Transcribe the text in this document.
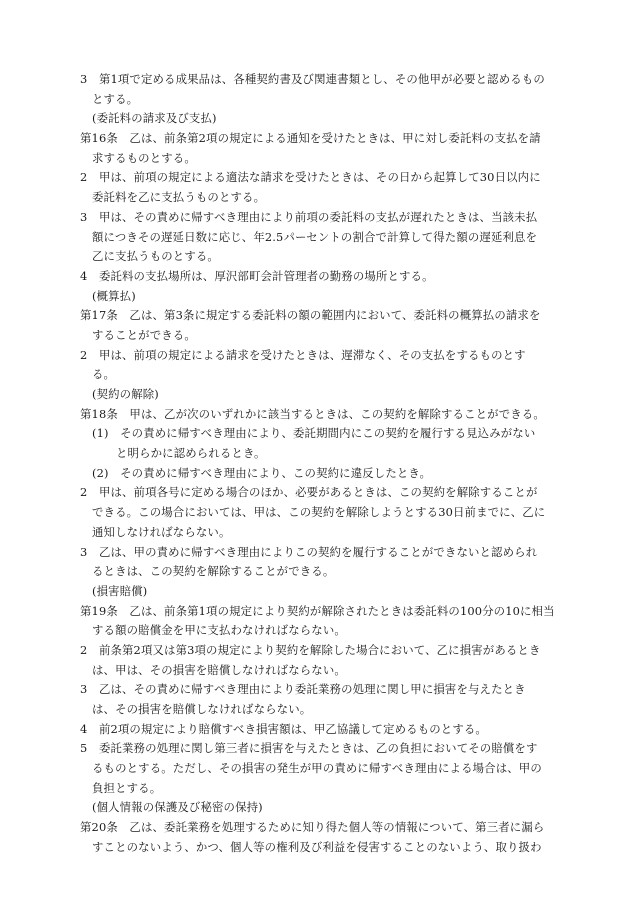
3　第1項で定める成果品は、各種契約書及び関連書類とし、その他甲が必要と認めるもの
とする。
(委託料の請求及び支払)
第16条　乙は、前条第2項の規定による通知を受けたときは、甲に対し委託料の支払を請
求するものとする。
2　甲は、前項の規定による適法な請求を受けたときは、その日から起算して30日以内に
委託料を乙に支払うものとする。
3　甲は、その責めに帰すべき理由により前項の委託料の支払が遅れたときは、当該未払
額につきその遅延日数に応じ、年2.5パーセントの割合で計算して得た額の遅延利息を
乙に支払うものとする。
4　委託料の支払場所は、厚沢部町会計管理者の勤務の場所とする。
(概算払)
第17条　乙は、第3条に規定する委託料の額の範囲内において、委託料の概算払の請求を
することができる。
2　甲は、前項の規定による請求を受けたときは、遅滞なく、その支払をするものとす
る。
(契約の解除)
第18条　甲は、乙が次のいずれかに該当するときは、この契約を解除することができる。
(1)　その責めに帰すべき理由により、委託期間内にこの契約を履行する見込みがない
と明らかに認められるとき。
(2)　その責めに帰すべき理由により、この契約に違反したとき。
2　甲は、前項各号に定める場合のほか、必要があるときは、この契約を解除することが
できる。この場合においては、甲は、この契約を解除しようとする30日前までに、乙に
通知しなければならない。
3　乙は、甲の責めに帰すべき理由によりこの契約を履行することができないと認められ
るときは、この契約を解除することができる。
(損害賠償)
第19条　乙は、前条第1項の規定により契約が解除されたときは委託料の100分の10に相当
する額の賠償金を甲に支払わなければならない。
2　前条第2項又は第3項の規定により契約を解除した場合において、乙に損害があるとき
は、甲は、その損害を賠償しなければならない。
3　乙は、その責めに帰すべき理由により委託業務の処理に関し甲に損害を与えたとき
は、その損害を賠償しなければならない。
4　前2項の規定により賠償すべき損害額は、甲乙協議して定めるものとする。
5　委託業務の処理に関し第三者に損害を与えたときは、乙の負担においてその賠償をす
るものとする。ただし、その損害の発生が甲の責めに帰すべき理由による場合は、甲の
負担とする。
(個人情報の保護及び秘密の保持)
第20条　乙は、委託業務を処理するために知り得た個人等の情報について、第三者に漏ら
すことのないよう、かつ、個人等の権利及び利益を侵害することのないよう、取り扱わ
